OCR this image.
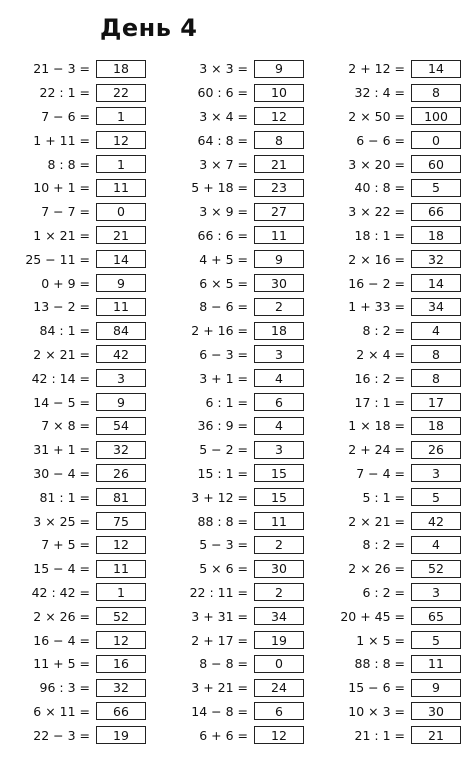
День 4
21 − 3 =	18
22 : 1 =	22
7 − 6 =	1
1 + 11 =	12
8 : 8 =	1
10 + 1 =	11
7 − 7 =	0
1 × 21 =	21
25 − 11 =	14
0 + 9 =	9
13 − 2 =	11
84 : 1 =	84
2 × 21 =	42
42 : 14 =	3
14 − 5 =	9
7 × 8 =	54
31 + 1 =	32
30 − 4 =	26
81 : 1 =	81
3 × 25 =	75
7 + 5 =	12
15 − 4 =	11
42 : 42 =	1
2 × 26 =	52
16 − 4 =	12
11 + 5 =	16
96 : 3 =	32
6 × 11 =	66
22 − 3 =	19
3 × 3 =	9
60 : 6 =	10
3 × 4 =	12
64 : 8 =	8
3 × 7 =	21
5 + 18 =	23
3 × 9 =	27
66 : 6 =	11
4 + 5 =	9
6 × 5 =	30
8 − 6 =	2
2 + 16 =	18
6 − 3 =	3
3 + 1 =	4
6 : 1 =	6
36 : 9 =	4
5 − 2 =	3
15 : 1 =	15
3 + 12 =	15
88 : 8 =	11
5 − 3 =	2
5 × 6 =	30
22 : 11 =	2
3 + 31 =	34
2 + 17 =	19
8 − 8 =	0
3 + 21 =	24
14 − 8 =	6
6 + 6 =	12
2 + 12 =	14
32 : 4 =	8
2 × 50 =	100
6 − 6 =	0
3 × 20 =	60
40 : 8 =	5
3 × 22 =	66
18 : 1 =	18
2 × 16 =	32
16 − 2 =	14
1 + 33 =	34
8 : 2 =	4
2 × 4 =	8
16 : 2 =	8
17 : 1 =	17
1 × 18 =	18
2 + 24 =	26
7 − 4 =	3
5 : 1 =	5
2 × 21 =	42
8 : 2 =	4
2 × 26 =	52
6 : 2 =	3
20 + 45 =	65
1 × 5 =	5
88 : 8 =	11
15 − 6 =	9
10 × 3 =	30
21 : 1 =	21
